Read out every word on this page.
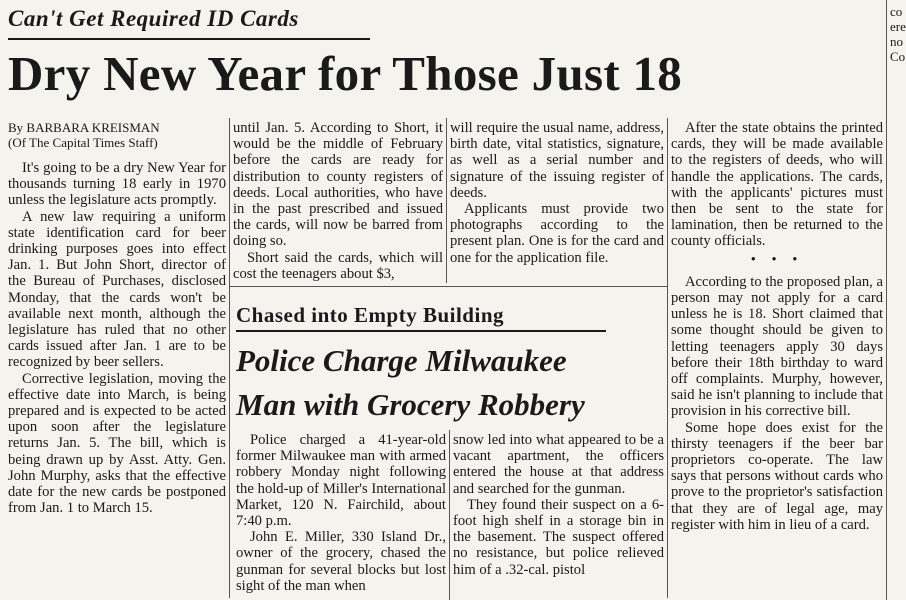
Can't Get Required ID Cards
Dry New Year for Those Just 18

By BARBARA KREISMAN
(Of The Capital Times Staff)

It's going to be a dry New Year for thousands turning 18 early in 1970 unless the legislature acts promptly.

A new law requiring a uniform state identification card for beer drinking purposes goes into effect Jan. 1. But John Short, director of the Bureau of Purchases, disclosed Monday, that the cards won't be available next month, although the legislature has ruled that no other cards issued after Jan. 1 are to be recognized by beer sellers.

Corrective legislation, moving the effective date into March, is being prepared and is expected to be acted upon soon after the legislature returns Jan. 5. The bill, which is being drawn up by Asst. Atty. Gen. John Murphy, asks that the effective date for the new cards be postponed from Jan. 1 to March 15.

until Jan. 5. According to Short, it would be the middle of February before the cards are ready for distribution to county registers of deeds. Local authorities, who have in the past prescribed and issued the cards, will now be barred from doing so.

Short said the cards, which will cost the teenagers about $3,

will require the usual name, address, birth date, vital statistics, signature, as well as a serial number and signature of the issuing register of deeds.

Applicants must provide two photographs according to the present plan. One is for the card and one for the application file.

After the state obtains the printed cards, they will be made available to the registers of deeds, who will handle the applications. The cards, with the applicants' pictures must then be sent to the state for lamination, then be returned to the county officials.

• • •

According to the proposed plan, a person may not apply for a card unless he is 18. Short claimed that some thought should be given to letting teenagers apply 30 days before their 18th birthday to ward off complaints. Murphy, however, said he isn't planning to include that provision in his corrective bill.

Some hope does exist for the thirsty teenagers if the beer bar proprietors co-operate. The law says that persons without cards who prove to the proprietor's satisfaction that they are of legal age, may register with him in lieu of a card.

co
ere
no
Co
Chased into Empty Building
Police Charge Milwaukee
Man with Grocery Robbery

Police charged a 41-year-old former Milwaukee man with armed robbery Monday night following the hold-up of Miller's International Market, 120 N. Fairchild, about 7:40 p.m.

John E. Miller, 330 Island Dr., owner of the grocery, chased the gunman for several blocks but lost sight of the man when

snow led into what appeared to be a vacant apartment, the officers entered the house at that address and searched for the gunman.

They found their suspect on a 6-foot high shelf in a storage bin in the basement. The suspect offered no resistance, but police relieved him of a .32-cal. pistol
